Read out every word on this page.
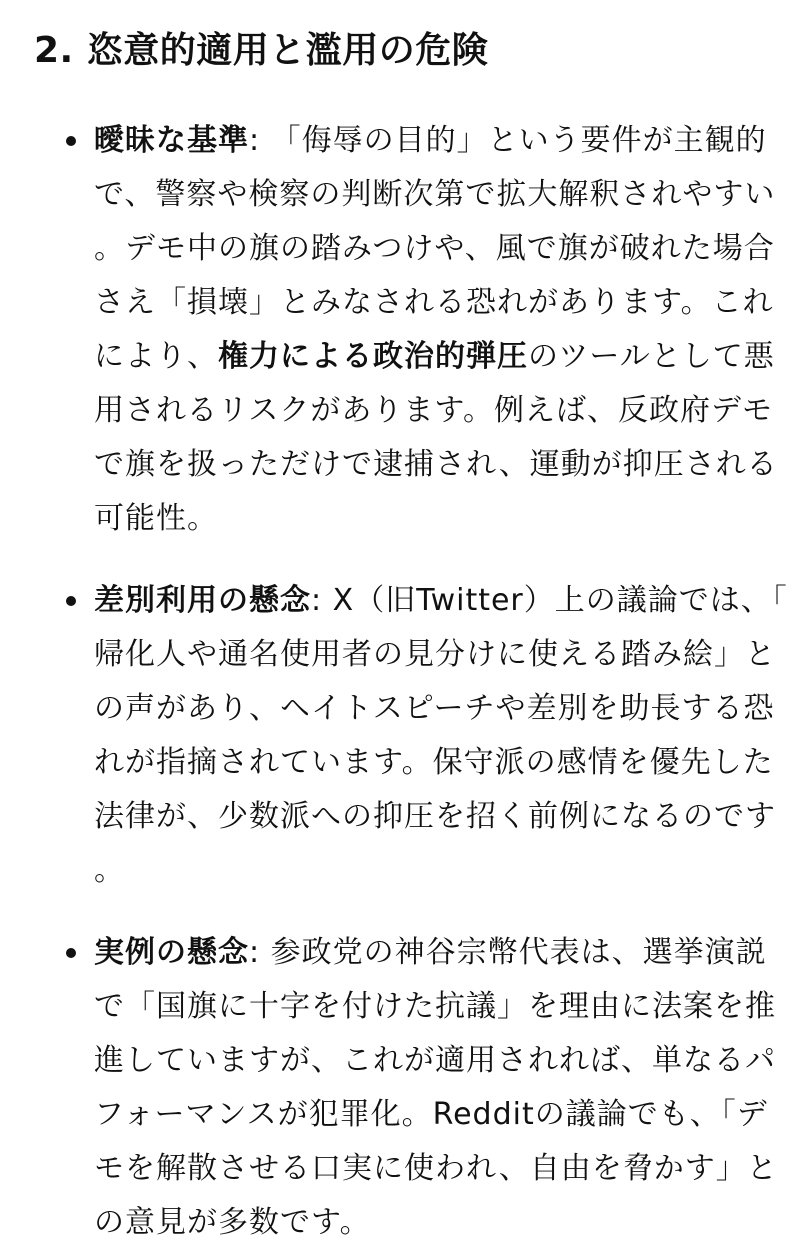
2. 恣意的適用と濫用の危険
曖昧な基準: 「侮辱の目的」という要件が主観的で、警察や検察の判断次第で拡大解釈されやすい。デモ中の旗の踏みつけや、風で旗が破れた場合さえ「損壊」とみなされる恐れがあります。これにより、権力による政治的弾圧のツールとして悪用されるリスクがあります。例えば、反政府デモで旗を扱っただけで逮捕され、運動が抑圧される可能性。
差別利用の懸念: X（旧Twitter）上の議論では、「帰化人や通名使用者の見分けに使える踏み絵」との声があり、ヘイトスピーチや差別を助長する恐れが指摘されています。保守派の感情を優先した法律が、少数派への抑圧を招く前例になるのです。
実例の懸念: 参政党の神谷宗幣代表は、選挙演説で「国旗に十字を付けた抗議」を理由に法案を推進していますが、これが適用されれば、単なるパフォーマンスが犯罪化。Redditの議論でも、「デモを解散させる口実に使われ、自由を脅かす」との意見が多数です。
